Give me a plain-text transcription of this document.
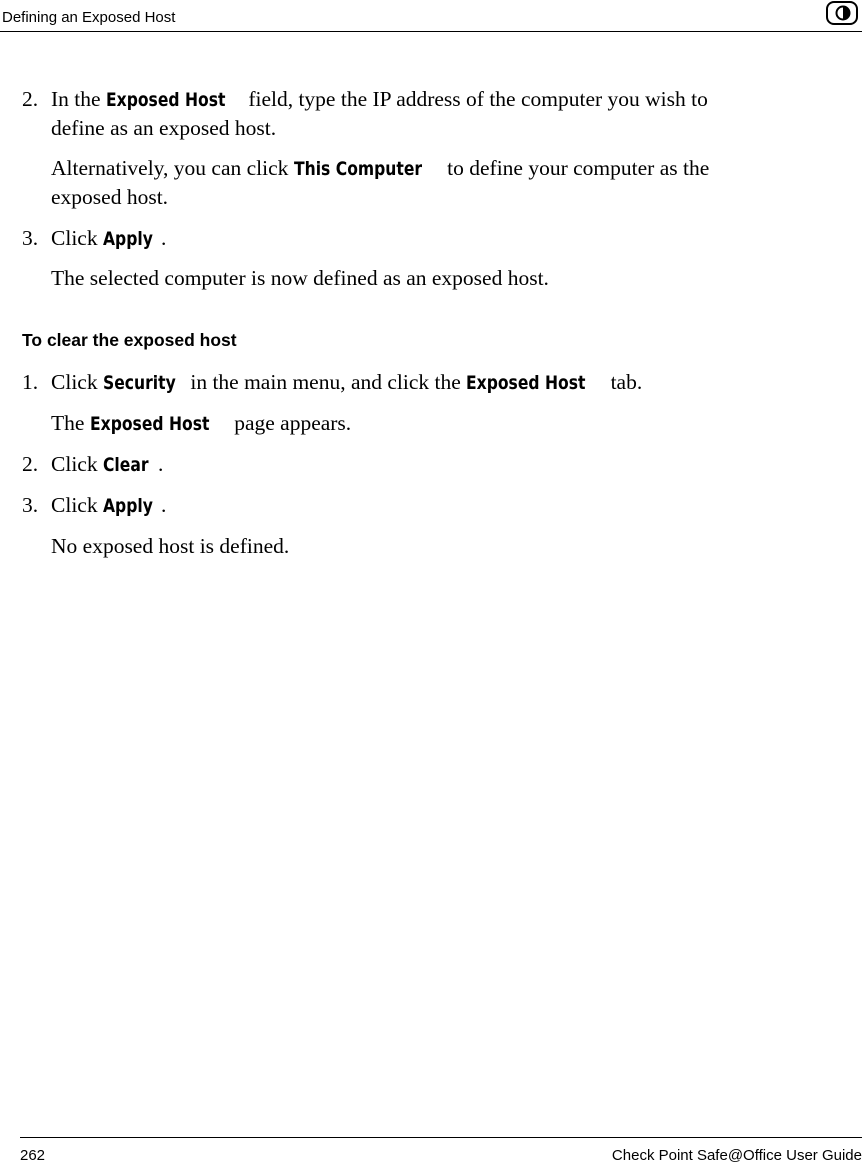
Defining an Exposed Host
2. In the Exposed Host field, type the IP address of the computer you wish to
define as an exposed host.
Alternatively, you can click This Computer to define your computer as the
exposed host.
3. Click Apply .
The selected computer is now defined as an exposed host.
To clear the exposed host
1. Click Security in the main menu, and click the Exposed Host tab.
The Exposed Host page appears.
2. Click Clear .
3. Click Apply .
No exposed host is defined.
262	Check Point Safe@Office User Guide
